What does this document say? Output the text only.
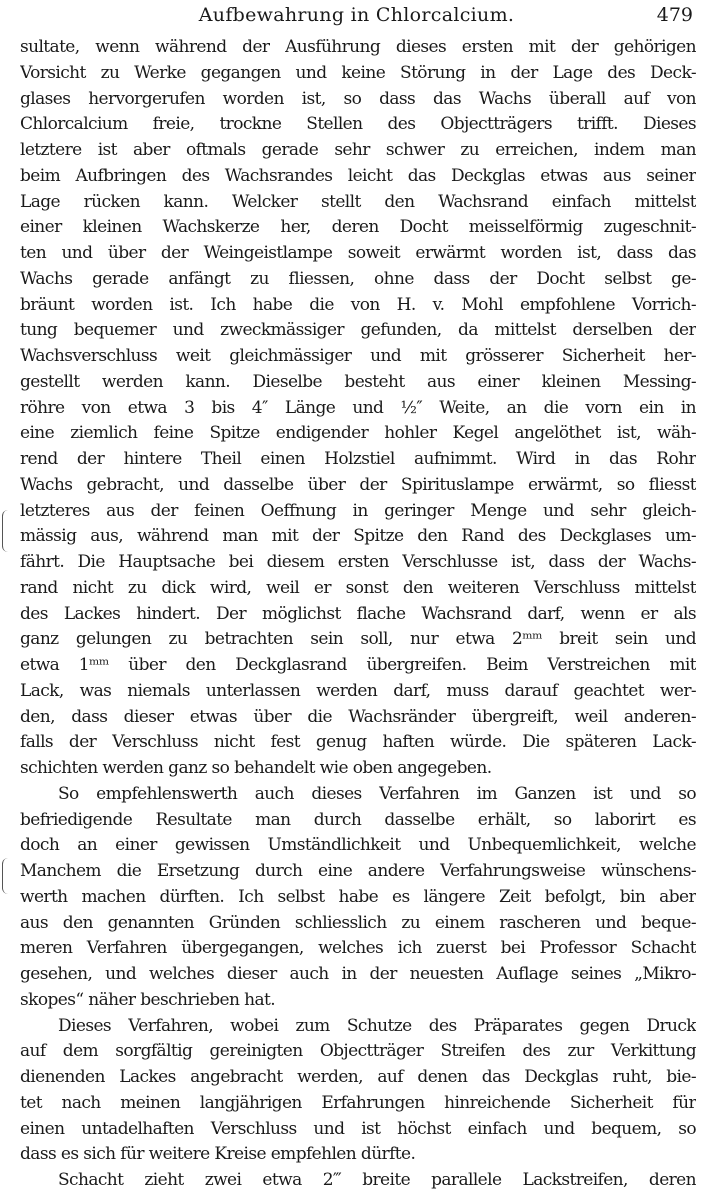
Aufbewahrung in Chlorcalcium.	479
sultate, wenn während der Ausführung dieses ersten mit der gehörigen
Vorsicht zu Werke gegangen und keine Störung in der Lage des Deck-
glases hervorgerufen worden ist, so dass das Wachs überall auf von
Chlorcalcium freie, trockne Stellen des Objectträgers trifft. Dieses
letztere ist aber oftmals gerade sehr schwer zu erreichen, indem man
beim Aufbringen des Wachsrandes leicht das Deckglas etwas aus seiner
Lage rücken kann. Welcker stellt den Wachsrand einfach mittelst
einer kleinen Wachskerze her, deren Docht meisselförmig zugeschnit-
ten und über der Weingeistlampe soweit erwärmt worden ist, dass das
Wachs gerade anfängt zu fliessen, ohne dass der Docht selbst ge-
bräunt worden ist. Ich habe die von H. v. Mohl empfohlene Vorrich-
tung bequemer und zweckmässiger gefunden, da mittelst derselben der
Wachsverschluss weit gleichmässiger und mit grösserer Sicherheit her-
gestellt werden kann. Dieselbe besteht aus einer kleinen Messing-
röhre von etwa 3 bis 4″ Länge und ½″ Weite, an die vorn ein in
eine ziemlich feine Spitze endigender hohler Kegel angelöthet ist, wäh-
rend der hintere Theil einen Holzstiel aufnimmt. Wird in das Rohr
Wachs gebracht, und dasselbe über der Spirituslampe erwärmt, so fliesst
letzteres aus der feinen Oeffnung in geringer Menge und sehr gleich-
mässig aus, während man mit der Spitze den Rand des Deckglases um-
fährt. Die Hauptsache bei diesem ersten Verschlusse ist, dass der Wachs-
rand nicht zu dick wird, weil er sonst den weiteren Verschluss mittelst
des Lackes hindert. Der möglichst flache Wachsrand darf, wenn er als
ganz gelungen zu betrachten sein soll, nur etwa 2ᵐᵐ breit sein und
etwa 1ᵐᵐ über den Deckglasrand übergreifen. Beim Verstreichen mit
Lack, was niemals unterlassen werden darf, muss darauf geachtet wer-
den, dass dieser etwas über die Wachsränder übergreift, weil anderen-
falls der Verschluss nicht fest genug haften würde. Die späteren Lack-
schichten werden ganz so behandelt wie oben angegeben.
So empfehlenswerth auch dieses Verfahren im Ganzen ist und so
befriedigende Resultate man durch dasselbe erhält, so laborirt es
doch an einer gewissen Umständlichkeit und Unbequemlichkeit, welche
Manchem die Ersetzung durch eine andere Verfahrungsweise wünschens-
werth machen dürften. Ich selbst habe es längere Zeit befolgt, bin aber
aus den genannten Gründen schliesslich zu einem rascheren und beque-
meren Verfahren übergegangen, welches ich zuerst bei Professor Schacht
gesehen, und welches dieser auch in der neuesten Auflage seines „Mikro-
skopes“ näher beschrieben hat.
Dieses Verfahren, wobei zum Schutze des Präparates gegen Druck
auf dem sorgfältig gereinigten Objectträger Streifen des zur Verkittung
dienenden Lackes angebracht werden, auf denen das Deckglas ruht, bie-
tet nach meinen langjährigen Erfahrungen hinreichende Sicherheit für
einen untadelhaften Verschluss und ist höchst einfach und bequem, so
dass es sich für weitere Kreise empfehlen dürfte.
Schacht zieht zwei etwa 2‴ breite parallele Lackstreifen, deren
